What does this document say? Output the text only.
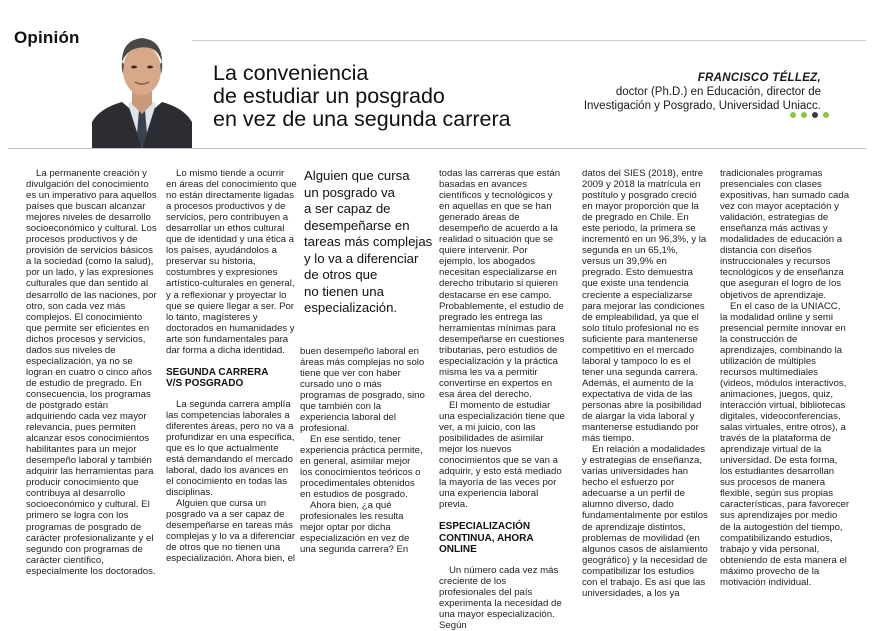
Opinión
La conveniencia
de estudiar un posgrado
en vez de una segunda carrera
FRANCISCO TÉLLEZ,
doctor (Ph.D.) en Educación, director de
Investigación y Posgrado, Universidad Uniacc.

La permanente creación y divulgación del conocimiento es un imperativo para aquellos países que buscan alcanzar mejores niveles de desarrollo socioeconómico y cultural. Los procesos productivos y de provisión de servicios básicos a la sociedad (como la salud), por un lado, y las expresiones culturales que dan sentido al desarrollo de las naciones, por otro, son cada vez más complejos. El conocimiento que permite ser eficientes en dichos procesos y servicios, dados sus niveles de especialización, ya no se logran en cuatro o cinco años de estudio de pregrado. En consecuencia, los programas de postgrado están adquiriendo cada vez mayor relevancia, pues permiten alcanzar esos conocimientos habilitantes para un mejor desempeño laboral y también adquirir las herramientas para producir conocimiento que contribuya al desarrollo socioeconómico y cultural. El primero se logra con los programas de posgrado de carácter profesionalizante y el segundo con programas de carácter científico, especialmente los doctorados.

Lo mismo tiende a ocurrir en áreas del conocimiento que no están directamente ligadas a procesos productivos y de servicios, pero contribuyen a desarrollar un ethos cultural que de identidad y una ética a los países, ayudándolos a preservar su historia, costumbres y expresiones artístico-culturales en general, y a reflexionar y proyectar lo que se quiere llegar a ser. Por lo tanto, magísteres y doctorados en humanidades y arte son fundamentales para dar forma a dicha identidad.

SEGUNDA CARRERA
V/S POSGRADO

La segunda carrera amplía las competencias laborales a diferentes áreas, pero no va a profundizar en una específica, que es lo que actualmente está demandando el mercado laboral, dado los avances en el conocimiento en todas las disciplinas.

Alguien que cursa un posgrado va a ser capaz de desempeñarse en tareas más complejas y lo va a diferenciar de otros que no tienen una especialización. Ahora bien, el

Alguien que cursa
un posgrado va
a ser capaz de
desempeñarse en
tareas más complejas
y lo va a diferenciar
de otros que
no tienen una
especialización.

buen desempeño laboral en áreas más complejas no solo tiene que ver con haber cursado uno o más programas de posgrado, sino que también con la experiencia laboral del profesional.

En ese sentido, tener experiencia práctica permite, en general, asimilar mejor los conocimientos teóricos o procedimentales obtenidos en estudios de posgrado.

Ahora bien, ¿a qué profesionales les resulta mejor optar por dicha especialización en vez de una segunda carrera? En

todas las carreras que están basadas en avances científicos y tecnológicos y en aquellas en que se han generado áreas de desempeño de acuerdo a la realidad o situación que se quiere intervenir. Por ejemplo, los abogados necesitan especializarse en derecho tributario si quieren destacarse en ese campo. Probablemente, el estudio de pregrado les entrega las herramientas mínimas para desempeñarse en cuestiones tributarias, pero estudios de especialización y la práctica misma les va a permitir convertirse en expertos en esa área del derecho.

El momento de estudiar una especialización tiene que ver, a mi juicio, con las posibilidades de asimilar mejor los nuevos conocimientos que se van a adquirir, y esto está mediado la mayoría de las veces por una experiencia laboral previa.

ESPECIALIZACIÓN
CONTINUA, AHORA ONLINE

Un número cada vez más creciente de los profesionales del país experimenta la necesidad de una mayor especialización. Según

datos del SIES (2018), entre 2009 y 2018 la matrícula en postítulo y posgrado creció en mayor proporción que la de pregrado en Chile. En este periodo, la primera se incrementó en un 96,3%, y la segunda en un 65,1%, versus un 39,9% en pregrado. Esto demuestra que existe una tendencia creciente a especializarse para mejorar las condiciones de empleabilidad, ya que el solo título profesional no es suficiente para mantenerse competitivo en el mercado laboral y tampoco lo es el tener una segunda carrera. Además, el aumento de la expectativa de vida de las personas abre la posibilidad de alargar la vida laboral y mantenerse estudiando por más tiempo.

En relación a modalidades y estrategias de enseñanza, varias universidades han hecho el esfuerzo por adecuarse a un perfil de alumno diverso, dado fundamentalmente por estilos de aprendizaje distintos, problemas de movilidad (en algunos casos de aislamiento geográfico) y la necesidad de compatibilizar los estudios con el trabajo. Es así que las universidades, a los ya

tradicionales programas presenciales con clases expositivas, han sumado cada vez con mayor aceptación y validación, estrategias de enseñanza más activas y modalidades de educación a distancia con diseños instruccionales y recursos tecnológicos y de enseñanza que aseguran el logro de los objetivos de aprendizaje.

En el caso de la UNIACC, la modalidad online y semi presencial permite innovar en la construcción de aprendizajes, combinando la utilización de múltiples recursos multimediales (videos, módulos interactivos, animaciones, juegos, quiz, interacción virtual, bibliotecas digitales, videoconferencias, salas virtuales, entre otros), a través de la plataforma de aprendizaje virtual de la universidad. De esta forma, los estudiantes desarrollan sus procesos de manera flexible, según sus propias características, para favorecer sus aprendizajes por medio de la autogestión del tiempo, compatibilizando estudios, trabajo y vida personal, obteniendo de esta manera el máximo provecho de la motivación individual.
